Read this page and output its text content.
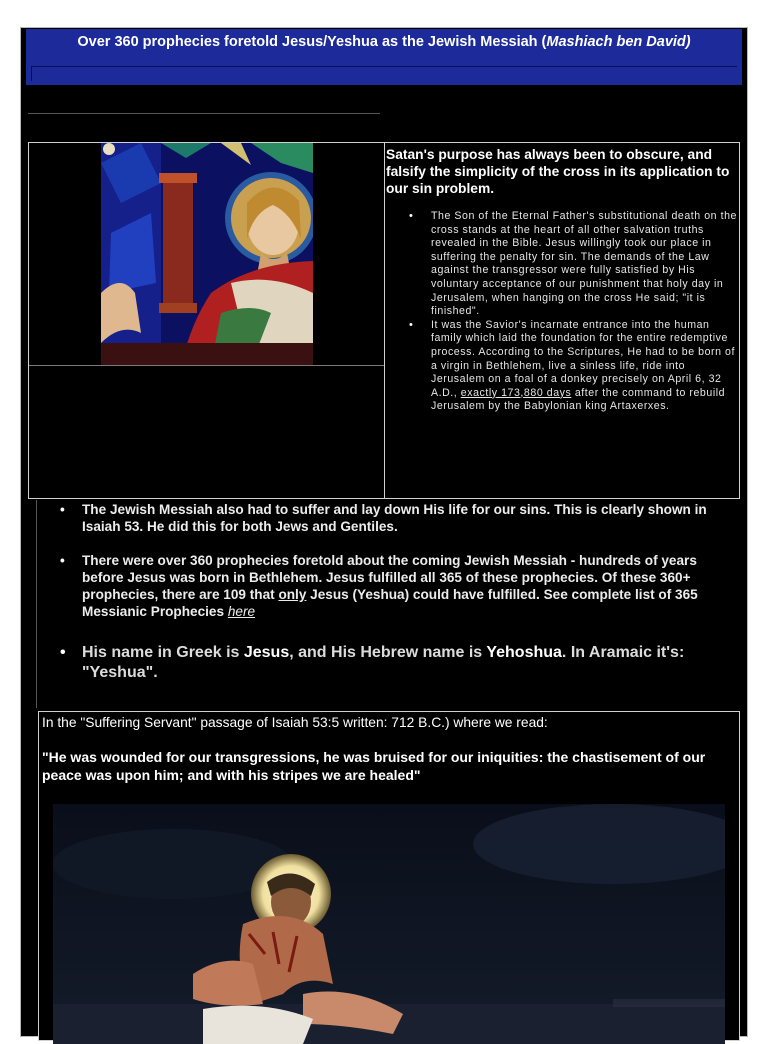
Over 360 prophecies foretold Jesus/Yeshua as the Jewish Messiah (Mashiach ben David)
Satan's purpose has always been to obscure, and falsify the simplicity of the cross in its application to our sin problem.
• The Son of the Eternal Father's substitutional death on the cross stands at the heart of all other salvation truths revealed in the Bible. Jesus willingly took our place in suffering the penalty for sin. The demands of the Law against the transgressor were fully satisfied by His voluntary acceptance of our punishment that holy day in Jerusalem, when hanging on the cross He said; "it is finished".
• It was the Savior's incarnate entrance into the human family which laid the foundation for the entire redemptive process. According to the Scriptures, He had to be born of a virgin in Bethlehem, live a sinless life, ride into Jerusalem on a foal of a donkey precisely on April 6, 32 A.D., exactly 173,880 days after the command to rebuild Jerusalem by the Babylonian king Artaxerxes.
• The Jewish Messiah also had to suffer and lay down His life for our sins. This is clearly shown in Isaiah 53. He did this for both Jews and Gentiles.
• There were over 360 prophecies foretold about the coming Jewish Messiah - hundreds of years before Jesus was born in Bethlehem. Jesus fulfilled all 365 of these prophecies. Of these 360+ prophecies, there are 109 that only Jesus (Yeshua) could have fulfilled. See complete list of 365 Messianic Prophecies here
• His name in Greek is Jesus, and His Hebrew name is Yehoshua. In Aramaic it's: "Yeshua".
In the "Suffering Servant" passage of Isaiah 53:5 written: 712 B.C.) where we read:
"He was wounded for our transgressions, he was bruised for our iniquities: the chastisement of our peace was upon him; and with his stripes we are healed"
